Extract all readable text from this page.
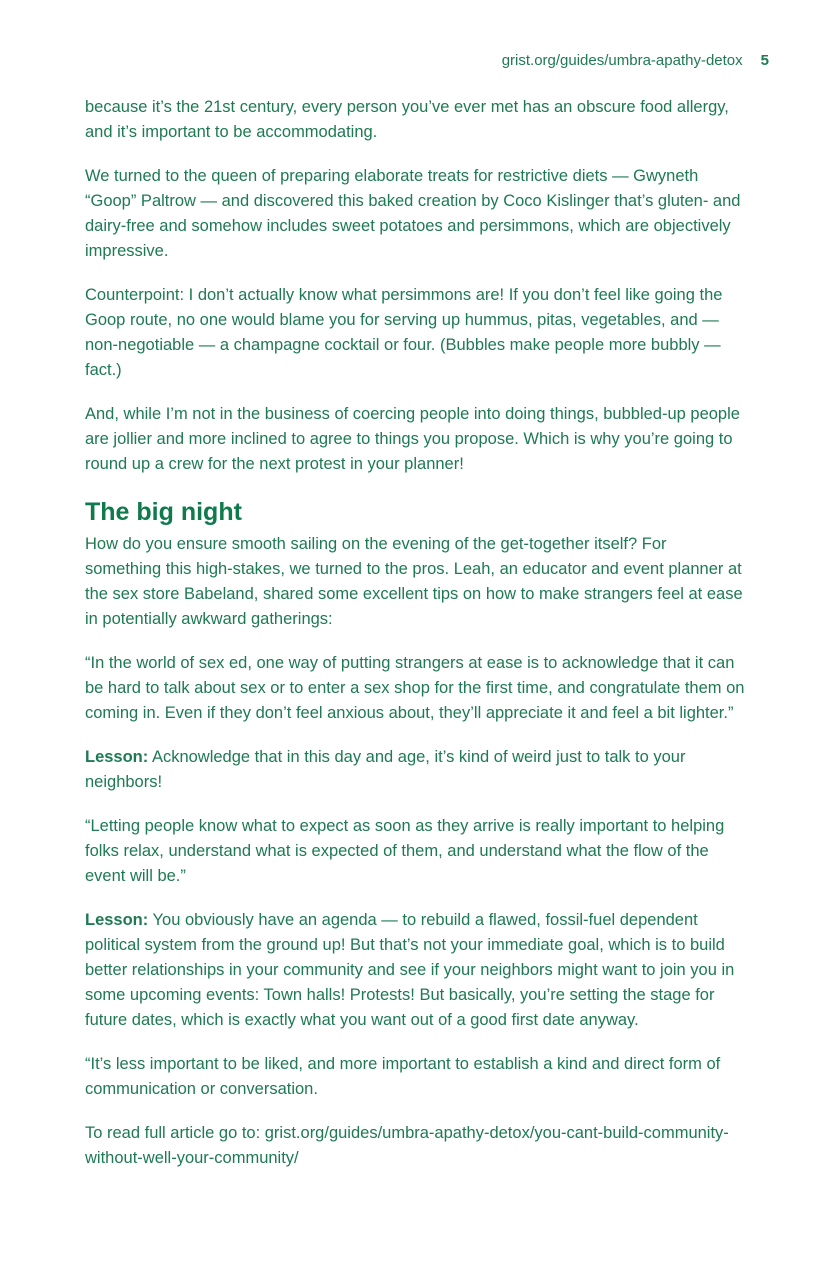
grist.org/guides/umbra-apathy-detox 5

because it’s the 21st century, every person you’ve ever met has an obscure food allergy, and it’s important to be accommodating.

We turned to the queen of preparing elaborate treats for restrictive diets — Gwyneth “Goop” Paltrow — and discovered this baked creation by Coco Kislinger that’s gluten- and dairy-free and somehow includes sweet potatoes and persimmons, which are objectively impressive.

Counterpoint: I don’t actually know what persimmons are! If you don’t feel like going the Goop route, no one would blame you for serving up hummus, pitas, vegetables, and — non-negotiable — a champagne cocktail or four. (Bubbles make people more bubbly — fact.)

And, while I’m not in the business of coercing people into doing things, bubbled-up people are jollier and more inclined to agree to things you propose. Which is why you’re going to round up a crew for the next protest in your planner!

The big night

How do you ensure smooth sailing on the evening of the get-together itself? For something this high-stakes, we turned to the pros. Leah, an educator and event planner at the sex store Babeland, shared some excellent tips on how to make strangers feel at ease in potentially awkward gatherings:

“In the world of sex ed, one way of putting strangers at ease is to acknowledge that it can be hard to talk about sex or to enter a sex shop for the first time, and congratulate them on coming in. Even if they don’t feel anxious about, they’ll appreciate it and feel a bit lighter.”

Lesson: Acknowledge that in this day and age, it’s kind of weird just to talk to your neighbors!

“Letting people know what to expect as soon as they arrive is really important to helping folks relax, understand what is expected of them, and understand what the flow of the event will be.”

Lesson: You obviously have an agenda — to rebuild a flawed, fossil-fuel dependent political system from the ground up! But that’s not your immediate goal, which is to build better relationships in your community and see if your neighbors might want to join you in some upcoming events: Town halls! Protests! But basically, you’re setting the stage for future dates, which is exactly what you want out of a good first date anyway.

“It’s less important to be liked, and more important to establish a kind and direct form of communication or conversation.

To read full article go to: grist.org/guides/umbra-apathy-detox/you-cant-build-community-without-well-your-community/
